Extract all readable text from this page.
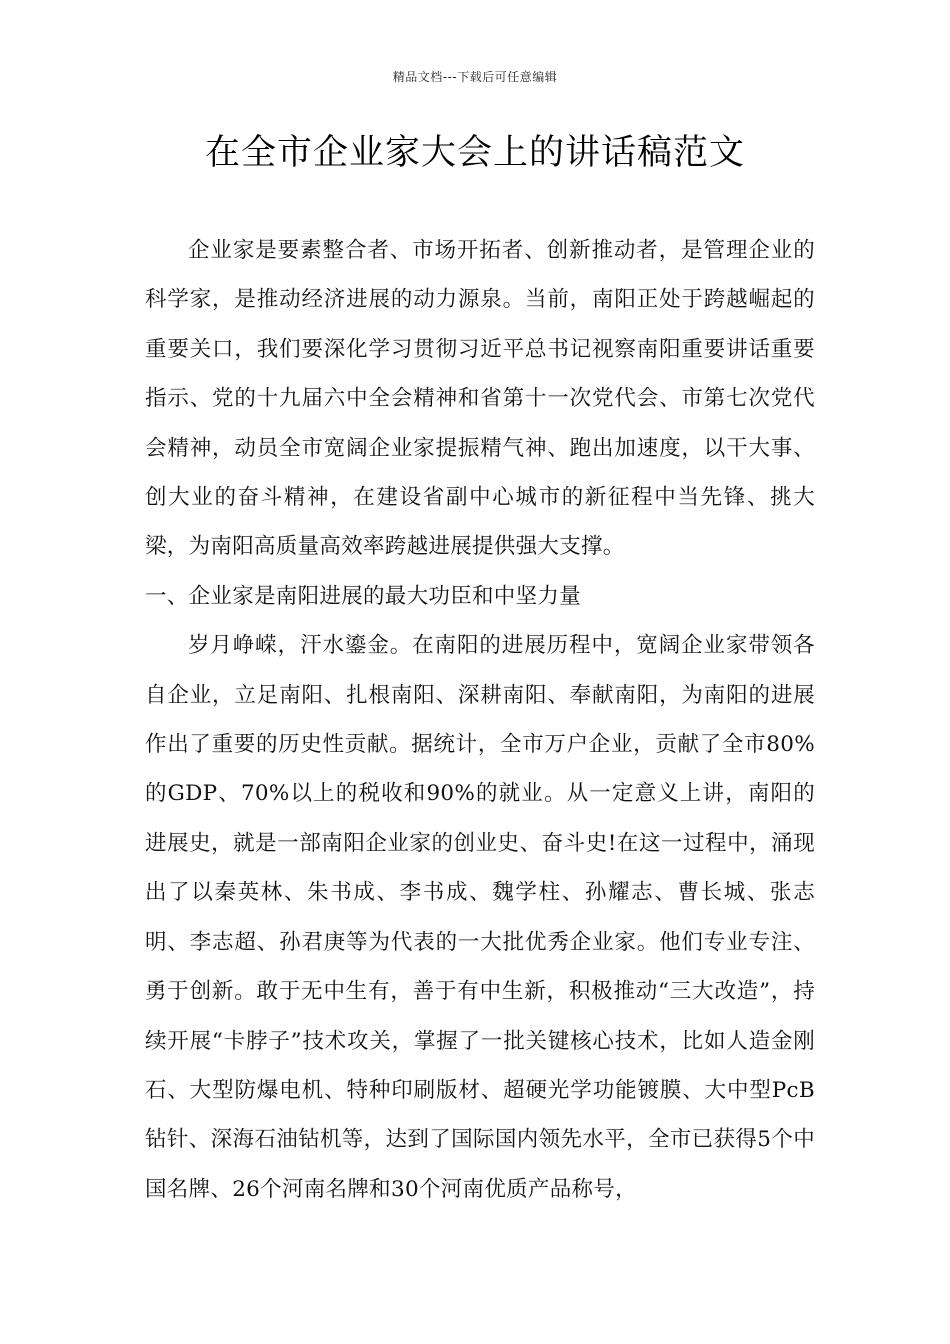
精品文档---下载后可任意编辑
在全市企业家大会上的讲话稿范文

企业家是要素整合者、市场开拓者、创新推动者，是管理企业的科学家，是推动经济进展的动力源泉。当前，南阳正处于跨越崛起的重要关口，我们要深化学习贯彻习近平总书记视察南阳重要讲话重要指示、党的十九届六中全会精神和省第十一次党代会、市第七次党代会精神，动员全市宽阔企业家提振精气神、跑出加速度，以干大事、创大业的奋斗精神，在建设省副中心城市的新征程中当先锋、挑大梁，为南阳高质量高效率跨越进展提供强大支撑。

一、企业家是南阳进展的最大功臣和中坚力量

岁月峥嵘，汗水鎏金。在南阳的进展历程中，宽阔企业家带领各自企业，立足南阳、扎根南阳、深耕南阳、奉献南阳，为南阳的进展作出了重要的历史性贡献。据统计，全市万户企业，贡献了全市80%的GDP、70%以上的税收和90%的就业。从一定意义上讲，南阳的进展史，就是一部南阳企业家的创业史、奋斗史!在这一过程中，涌现出了以秦英林、朱书成、李书成、魏学柱、孙耀志、曹长城、张志明、李志超、孙君庚等为代表的一大批优秀企业家。他们专业专注、勇于创新。敢于无中生有，善于有中生新，积极推动“三大改造”，持续开展“卡脖子”技术攻关，掌握了一批关键核心技术，比如人造金刚石、大型防爆电机、特种印刷版材、超硬光学功能镀膜、大中型PcB钻针、深海石油钻机等，达到了国际国内领先水平，全市已获得5个中国名牌、26个河南名牌和30个河南优质产品称号，
